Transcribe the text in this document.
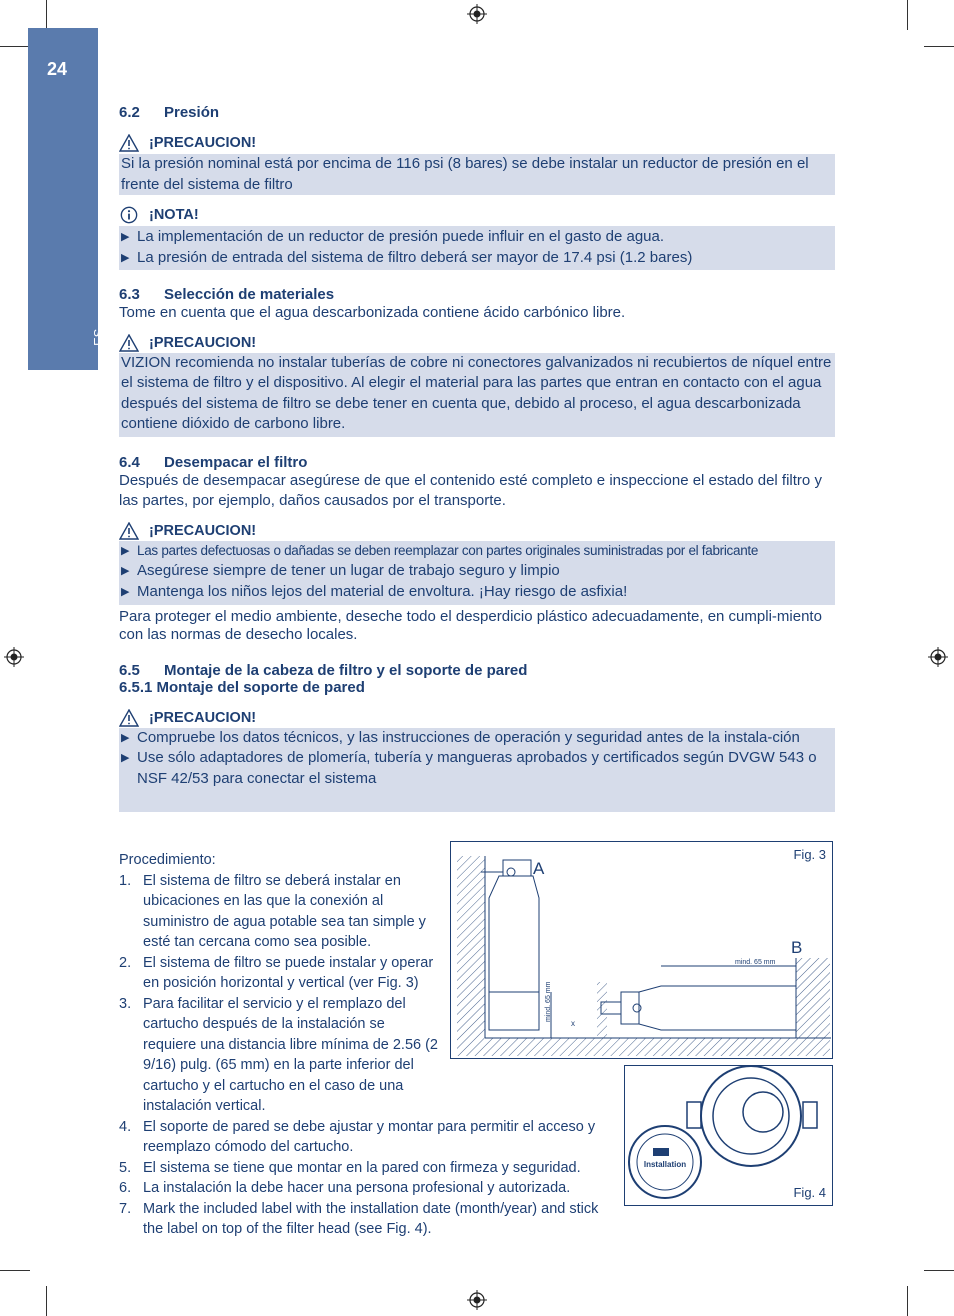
24
ES
6.2 Presión
¡PRECAUCION!
Si la presión nominal está por encima de 116 psi (8 bares) se debe instalar un reductor de presión en el frente del sistema de filtro
¡NOTA!
▶ La implementación de un reductor de presión puede influir en el gasto de agua.
▶ La presión de entrada del sistema de filtro deberá ser mayor de 17.4 psi (1.2 bares)
6.3 Selección de materiales
Tome en cuenta que el agua descarbonizada contiene ácido carbónico libre.
¡PRECAUCION!
VIZION recomienda no instalar tuberías de cobre ni conectores galvanizados ni recubiertos de níquel entre el sistema de filtro y el dispositivo. Al elegir el material para las partes que entran en contacto con el agua después del sistema de filtro se debe tener en cuenta que, debido al proceso, el agua descarbonizada contiene dióxido de carbono libre.
6.4 Desempacar el filtro
Después de desempacar asegúrese de que el contenido esté completo e inspeccione el estado del filtro y las partes, por ejemplo, daños causados por el transporte.
¡PRECAUCION!
▶ Las partes defectuosas o dañadas se deben reemplazar con partes originales suministradas por el fabricante
▶ Asegúrese siempre de tener un lugar de trabajo seguro y limpio
▶ Mantenga los niños lejos del material de envoltura. ¡Hay riesgo de asfixia!
Para proteger el medio ambiente, deseche todo el desperdicio plástico adecuadamente, en cumpli-miento con las normas de desecho locales.
6.5 Montaje de la cabeza de filtro y el soporte de pared
6.5.1 Montaje del soporte de pared
¡PRECAUCION!
▶ Compruebe los datos técnicos, y las instrucciones de operación y seguridad antes de la instala-ción
▶ Use sólo adaptadores de plomería, tubería y mangueras aprobados y certificados según DVGW 543 o NSF 42/53 para conectar el sistema
Procedimiento:
1. El sistema de filtro se deberá instalar en ubicaciones en las que la conexión al suministro de agua potable sea tan simple y esté tan cercana como sea posible.
2. El sistema de filtro se puede instalar y operar en posición horizontal y vertical (ver Fig. 3)
3. Para facilitar el servicio y el remplazo del cartucho después de la instalación se requiere una distancia libre mínima de 2.56 (2 9/16) pulg. (65 mm) en la parte inferior del cartucho y el cartucho en el caso de una instalación vertical.
4. El soporte de pared se debe ajustar y montar para permitir el acceso y reemplazo cómodo del cartucho.
5. El sistema se tiene que montar en la pared con firmeza y seguridad.
6. La instalación la debe hacer una persona profesional y autorizada.
7. Mark the included label with the installation date (month/year) and stick the label on top of the filter head (see Fig. 4).
mind. 65 mm
mind. 65 mm
x
Fig. 3
A
B
Installation
Fig. 4
